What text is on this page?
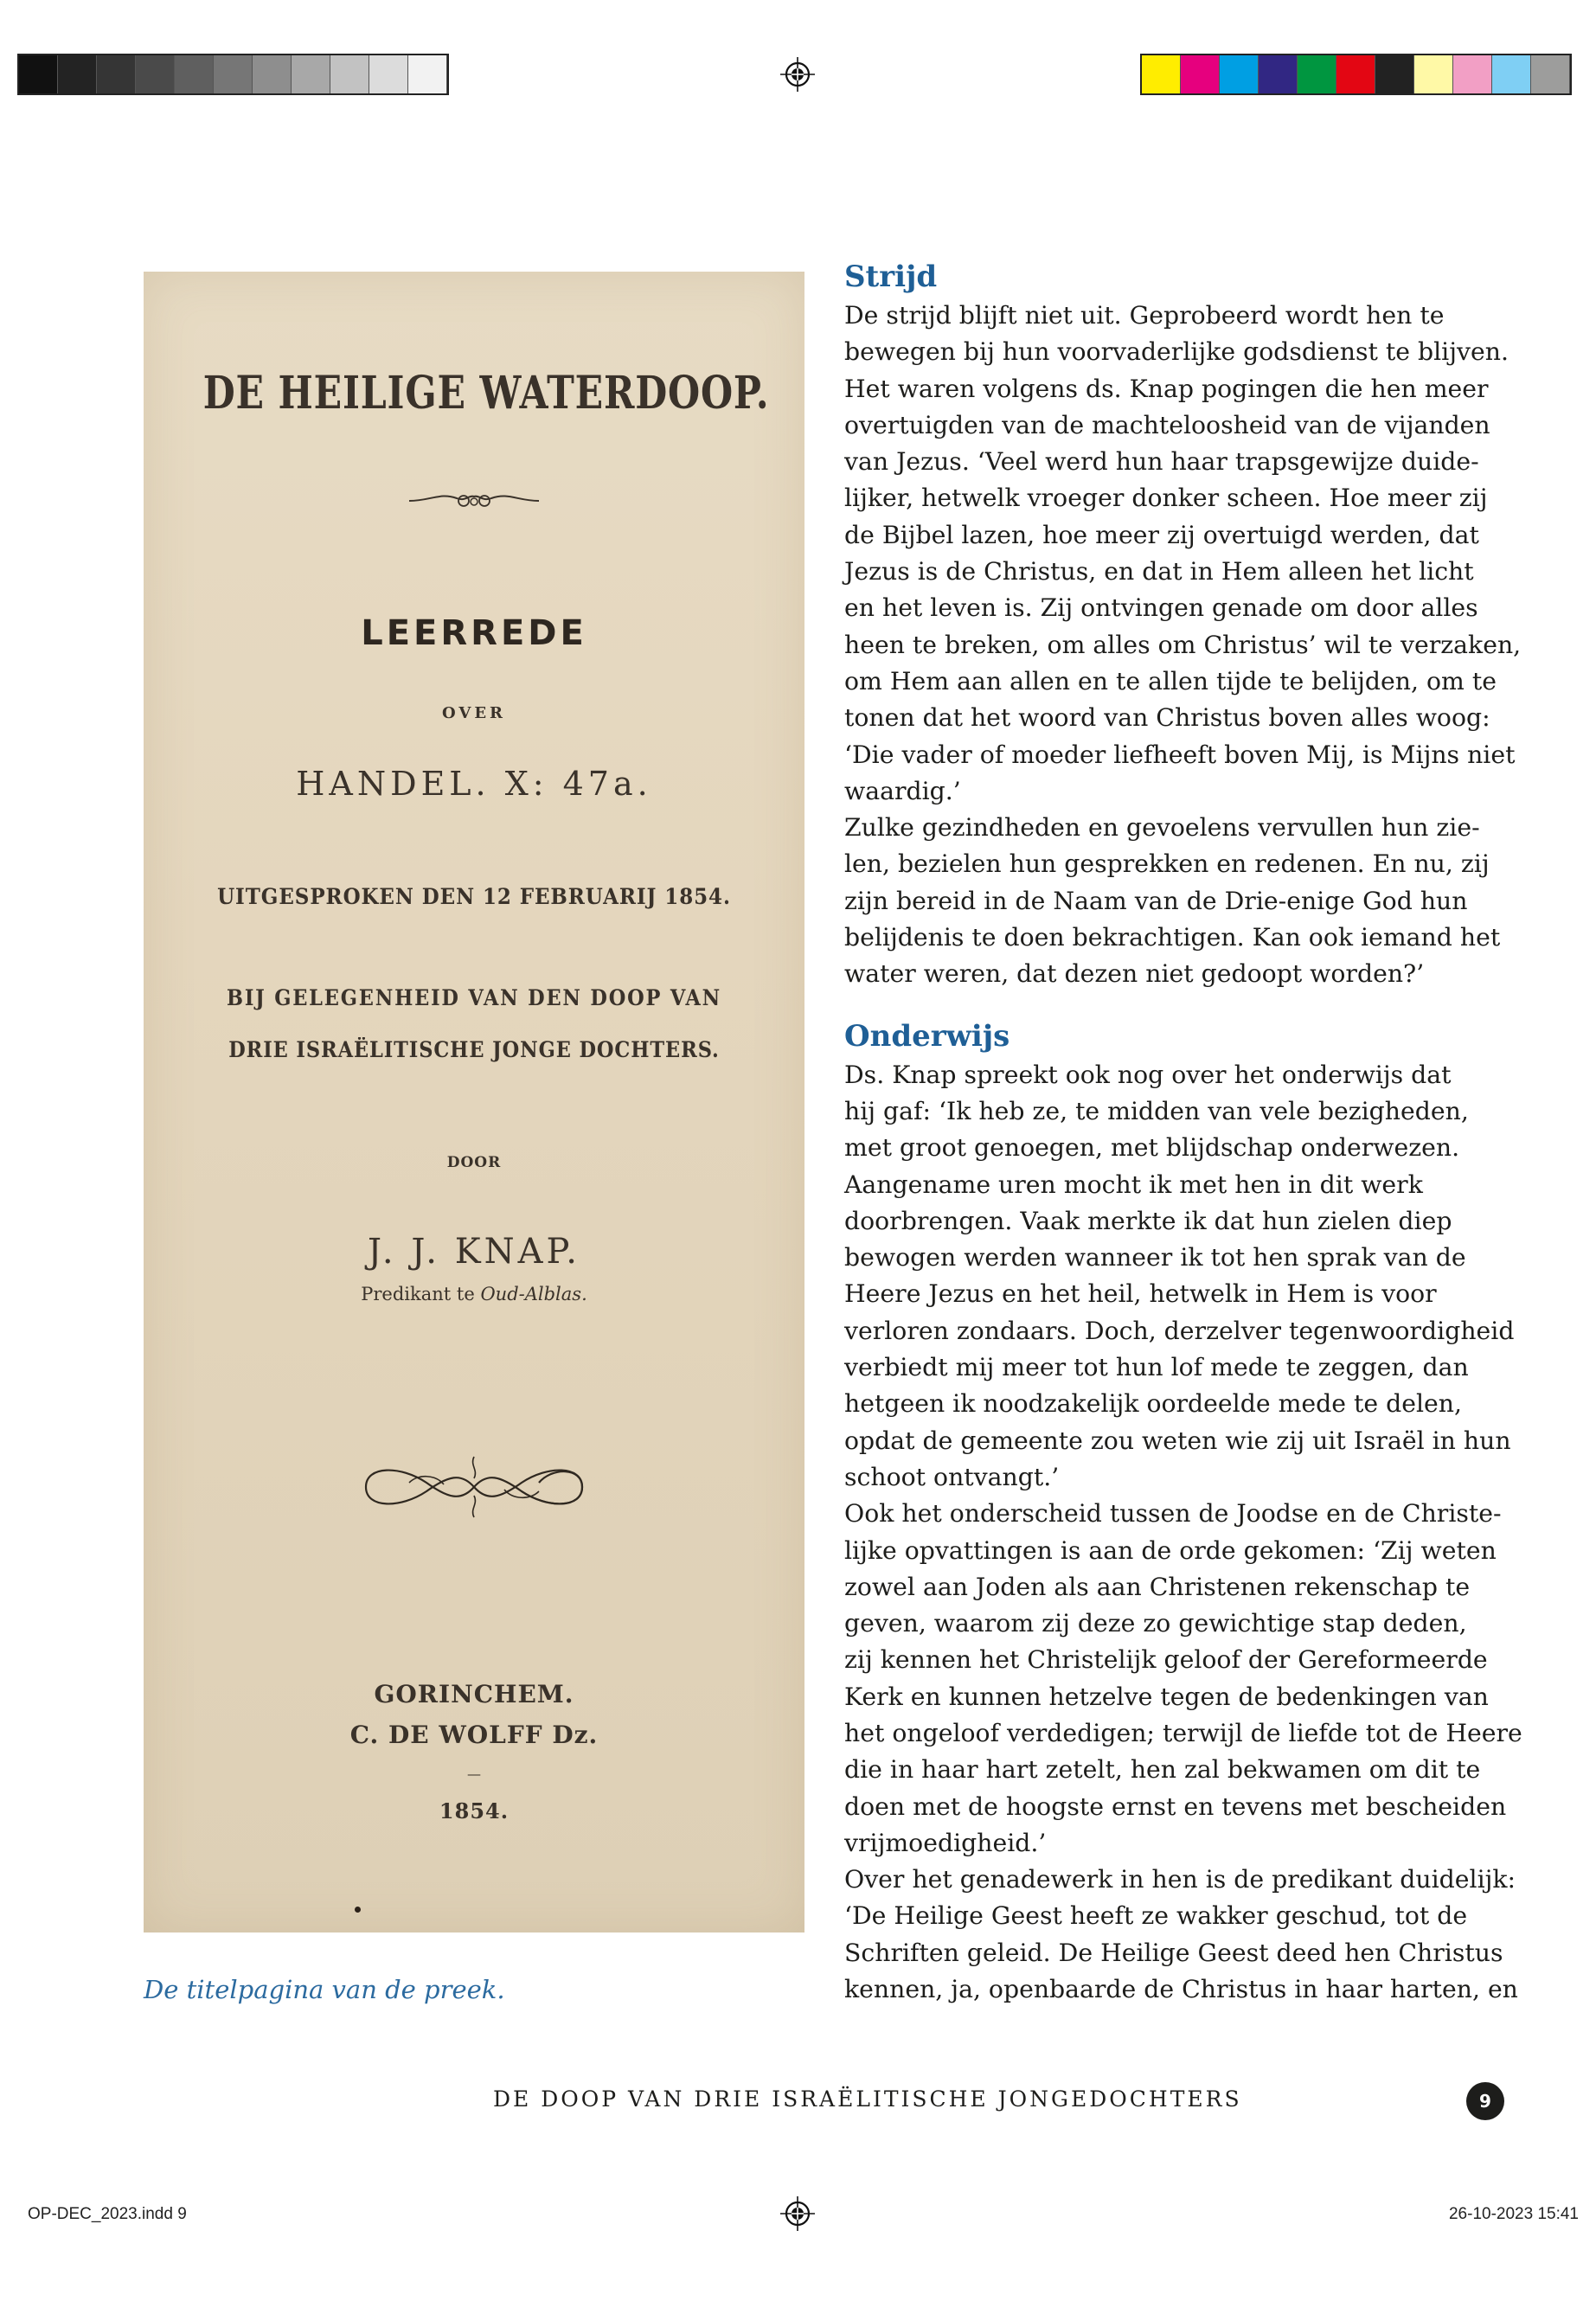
DE HEILIGE WATERDOOP.
LEERREDE
OVER
HANDEL. X: 47a.
UITGESPROKEN DEN 12 FEBRUARIJ 1854.
BIJ GELEGENHEID VAN DEN DOOP VAN
DRIE ISRAËLITISCHE JONGE DOCHTERS.
DOOR
J. J. KNAP.
Predikant te Oud-Alblas.
GORINCHEM.
C. DE WOLFF Dz.
—
1854.
De titelpagina van de preek.
Strijd

De strijd blijft niet uit. Geprobeerd wordt hen te
bewegen bij hun voorvaderlijke godsdienst te blijven.
Het waren volgens ds. Knap pogingen die hen meer
overtuigden van de machteloosheid van de vijanden
van Jezus. ‘Veel werd hun haar trapsgewijze duide-
lijker, hetwelk vroeger donker scheen. Hoe meer zij
de Bijbel lazen, hoe meer zij overtuigd werden, dat
Jezus is de Christus, en dat in Hem alleen het licht
en het leven is. Zij ontvingen genade om door alles
heen te breken, om alles om Christus’ wil te verzaken,
om Hem aan allen en te allen tijde te belijden, om te
tonen dat het woord van Christus boven alles woog:
‘Die vader of moeder liefheeft boven Mij, is Mijns niet
waardig.’
Zulke gezindheden en gevoelens vervullen hun zie-
len, bezielen hun gesprekken en redenen. En nu, zij
zijn bereid in de Naam van de Drie-enige God hun
belijdenis te doen bekrachtigen. Kan ook iemand het
water weren, dat dezen niet gedoopt worden?’

Onderwijs

Ds. Knap spreekt ook nog over het onderwijs dat
hij gaf: ‘Ik heb ze, te midden van vele bezigheden,
met groot genoegen, met blijdschap onderwezen.
Aangename uren mocht ik met hen in dit werk
doorbrengen. Vaak merkte ik dat hun zielen diep
bewogen werden wanneer ik tot hen sprak van de
Heere Jezus en het heil, hetwelk in Hem is voor
verloren zondaars. Doch, derzelver tegenwoordigheid
verbiedt mij meer tot hun lof mede te zeggen, dan
hetgeen ik noodzakelijk oordeelde mede te delen,
opdat de gemeente zou weten wie zij uit Israël in hun
schoot ontvangt.’
Ook het onderscheid tussen de Joodse en de Christe-
lijke opvattingen is aan de orde gekomen: ‘Zij weten
zowel aan Joden als aan Christenen rekenschap te
geven, waarom zij deze zo gewichtige stap deden,
zij kennen het Christelijk geloof der Gereformeerde
Kerk en kunnen hetzelve tegen de bedenkingen van
het ongeloof verdedigen; terwijl de liefde tot de Heere
die in haar hart zetelt, hen zal bekwamen om dit te
doen met de hoogste ernst en tevens met bescheiden
vrijmoedigheid.’
Over het genadewerk in hen is de predikant duidelijk:
‘De Heilige Geest heeft ze wakker geschud, tot de
Schriften geleid. De Heilige Geest deed hen Christus
kennen, ja, openbaarde de Christus in haar harten, en

DE DOOP VAN DRIE ISRAËLITISCHE JONGEDOCHTERS	9
OP-DEC_2023.indd 9	26-10-2023 15:41
